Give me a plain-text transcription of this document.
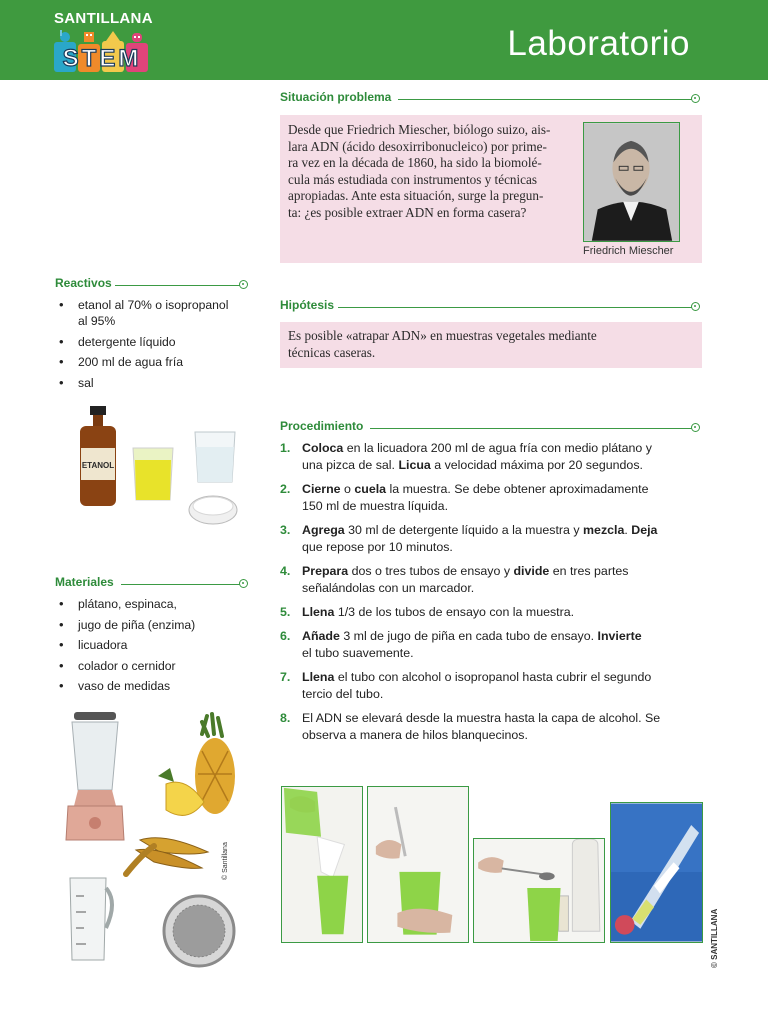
SANTILLANA
STEM	Laboratorio
Situación problema
Desde que Friedrich Miescher, biólogo suizo, ais-
lara ADN (ácido desoxirribonucleico) por prime-
ra vez en la década de 1860, ha sido la biomolé-
cula más estudiada con instrumentos y técnicas
apropiadas. Ante esta situación, surge la pregun-
ta: ¿es posible extraer ADN en forma casera?
Friedrich Miescher
Reactivos
• etanol al 70% o isopropanol
al 95%
• detergente líquido
• 200 ml de agua fría
• sal
ETANOL
Hipótesis
Es posible «atrapar ADN» en muestras vegetales mediante
técnicas caseras.
Procedimiento
1. Coloca en la licuadora 200 ml de agua fría con medio plátano y
una pizca de sal. Licua a velocidad máxima por 20 segundos.
2. Cierne o cuela la muestra. Se debe obtener aproximadamente
150 ml de muestra líquida.
3. Agrega 30 ml de detergente líquido a la muestra y mezcla. Deja
que repose por 10 minutos.
4. Prepara dos o tres tubos de ensayo y divide en tres partes
señalándolas con un marcador.
5. Llena 1/3 de los tubos de ensayo con la muestra.
6. Añade 3 ml de jugo de piña en cada tubo de ensayo. Invierte
el tubo suavemente.
7. Llena el tubo con alcohol o isopropanol hasta cubrir el segundo
tercio del tubo.
8. El ADN se elevará desde la muestra hasta la capa de alcohol. Se
observa a manera de hilos blanquecinos.
Materiales
• plátano, espinaca,
• jugo de piña (enzima)
• licuadora
• colador o cernidor
• vaso de medidas
© Santillana
© SANTILLANA
